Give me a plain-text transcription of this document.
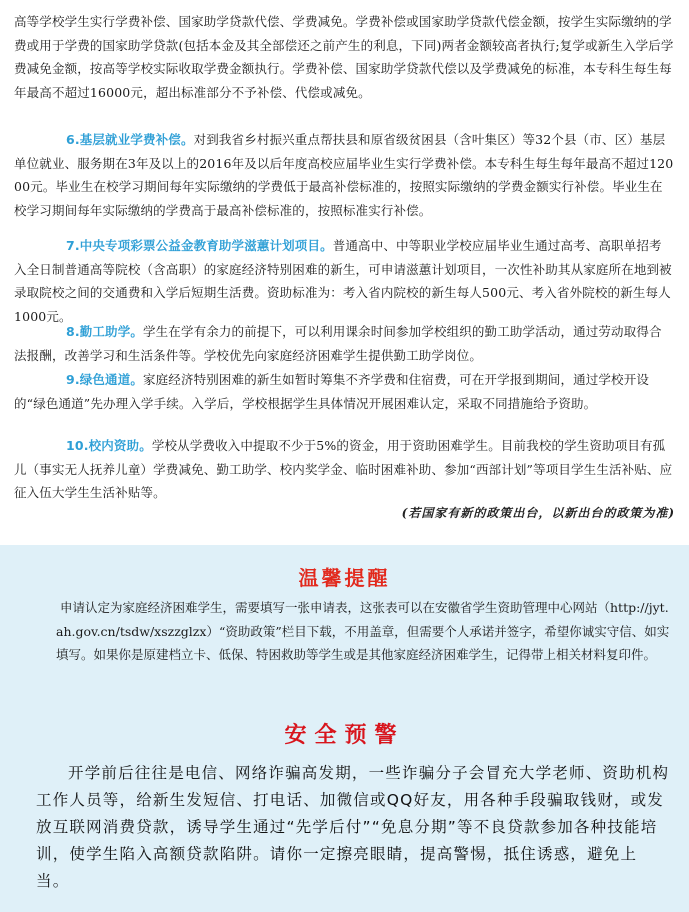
高等学校学生实行学费补偿、国家助学贷款代偿、学费减免。学费补偿或国家助学贷款代偿金额，按学生实际缴纳的学费或用于学费的国家助学贷款(包括本金及其全部偿还之前产生的利息，下同)两者金额较高者执行;复学或新生入学后学费减免金额，按高等学校实际收取学费金额执行。学费补偿、国家助学贷款代偿以及学费减免的标准，本专科生每生每年最高不超过16000元，超出标准部分不予补偿、代偿或减免。

6.基层就业学费补偿。对到我省乡村振兴重点帮扶县和原省级贫困县（含叶集区）等32个县（市、区）基层单位就业、服务期在3年及以上的2016年及以后年度高校应届毕业生实行学费补偿。本专科生每生每年最高不超过12000元。毕业生在校学习期间每年实际缴纳的学费低于最高补偿标准的，按照实际缴纳的学费金额实行补偿。毕业生在校学习期间每年实际缴纳的学费高于最高补偿标准的，按照标准实行补偿。

7.中央专项彩票公益金教育助学滋蕙计划项目。普通高中、中等职业学校应届毕业生通过高考、高职单招考入全日制普通高等院校（含高职）的家庭经济特别困难的新生，可申请滋蕙计划项目，一次性补助其从家庭所在地到被录取院校之间的交通费和入学后短期生活费。资助标准为：考入省内院校的新生每人500元、考入省外院校的新生每人1000元。

8.勤工助学。学生在学有余力的前提下，可以利用课余时间参加学校组织的勤工助学活动，通过劳动取得合法报酬，改善学习和生活条件等。学校优先向家庭经济困难学生提供勤工助学岗位。

9.绿色通道。家庭经济特别困难的新生如暂时筹集不齐学费和住宿费，可在开学报到期间，通过学校开设的“绿色通道”先办理入学手续。入学后，学校根据学生具体情况开展困难认定，采取不同措施给予资助。

10.校内资助。学校从学费收入中提取不少于5%的资金，用于资助困难学生。目前我校的学生资助项目有孤儿（事实无人抚养儿童）学费减免、勤工助学、校内奖学金、临时困难补助、参加“西部计划”等项目学生生活补贴、应征入伍大学生生活补贴等。

(若国家有新的政策出台，以新出台的政策为准)
温馨提醒

申请认定为家庭经济困难学生，需要填写一张申请表，这张表可以在安徽省学生资助管理中心网站（http://jyt.ah.gov.cn/tsdw/xszzglzx）“资助政策”栏目下载，不用盖章，但需要个人承诺并签字，希望你诚实守信、如实填写。如果你是原建档立卡、低保、特困救助等学生或是其他家庭经济困难学生，记得带上相关材料复印件。

安全预警

开学前后往往是电信、网络诈骗高发期，一些诈骗分子会冒充大学老师、资助机构工作人员等，给新生发短信、打电话、加微信或QQ好友，用各种手段骗取钱财，或发放互联网消费贷款，诱导学生通过“先学后付”“免息分期”等不良贷款参加各种技能培训，使学生陷入高额贷款陷阱。请你一定擦亮眼睛，提高警惕，抵住诱惑，避免上当。
